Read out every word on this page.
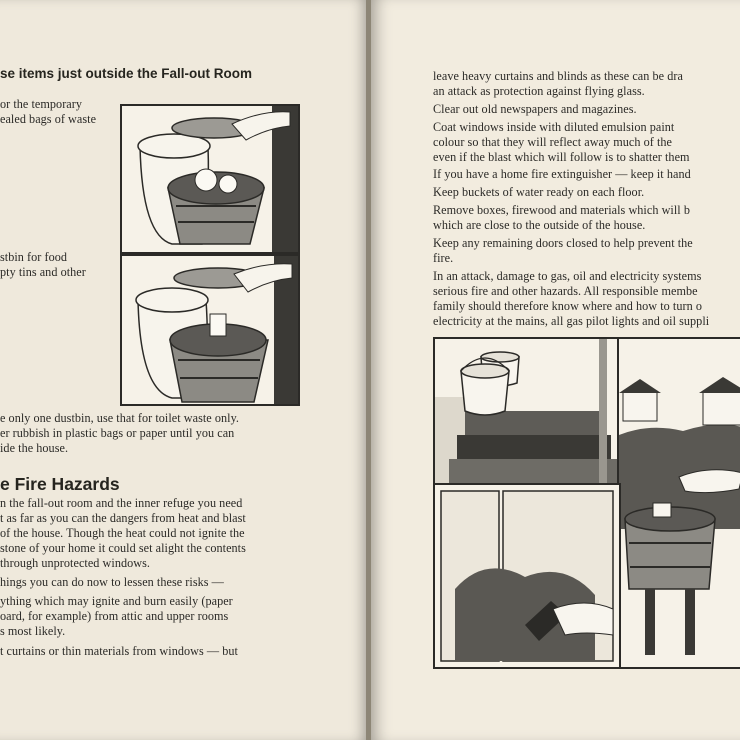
se items just outside the Fall-out Room
or the temporary
ealed bags of waste
stbin for food
pty tins and other
e only one dustbin, use that for toilet waste only.
er rubbish in plastic bags or paper until you can
ide the house.
e Fire Hazards
n the fall-out room and the inner refuge you need
t as far as you can the dangers from heat and blast
of the house. Though the heat could not ignite the
stone of your home it could set alight the contents
through unprotected windows.
hings you can do now to lessen these risks —
ything which may ignite and burn easily (paper
oard, for example) from attic and upper rooms
s most likely.
t curtains or thin materials from windows — but
leave heavy curtains and blinds as these can be dra
an attack as protection against flying glass.
Clear out old newspapers and magazines.
Coat windows inside with diluted emulsion paint
colour so that they will reflect away much of the
even if the blast which will follow is to shatter them
If you have a home fire extinguisher — keep it hand
Keep buckets of water ready on each floor.
Remove boxes, firewood and materials which will b
which are close to the outside of the house.
Keep any remaining doors closed to help prevent the
fire.
In an attack, damage to gas, oil and electricity systems
serious fire and other hazards. All responsible membe
family should therefore know where and how to turn o
electricity at the mains, all gas pilot lights and oil suppli
